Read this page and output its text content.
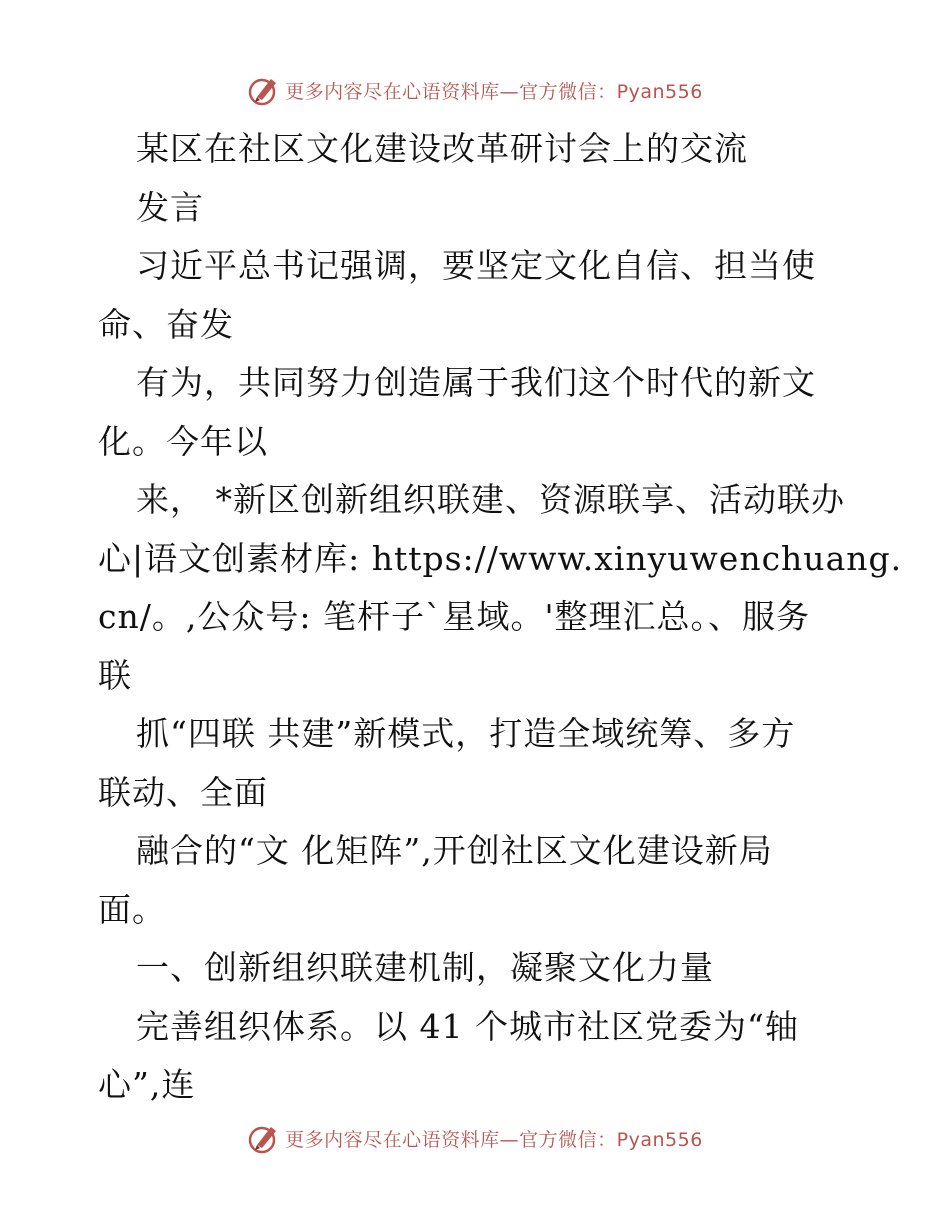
更多内容尽在心语资料库—官方微信：Pyan556
某区在社区文化建设改革研讨会上的交流
发言
习近平总书记强调，要坚定文化自信、担当使
命、奋发
有为，共同努力创造属于我们这个时代的新文
化。今年以
来， *新区创新组织联建、资源联享、活动联办
心|语文创素材库: https://www.xinyuwenchuang.
cn/。,公众号: 笔杆子`星域。'整理汇总。、服务
联
抓“四联 共建”新模式，打造全域统筹、多方
联动、全面
融合的“文 化矩阵”,开创社区文化建设新局
面。
一、创新组织联建机制，凝聚文化力量
完善组织体系。以 41 个城市社区党委为“轴
心”,连
更多内容尽在心语资料库—官方微信：Pyan556
